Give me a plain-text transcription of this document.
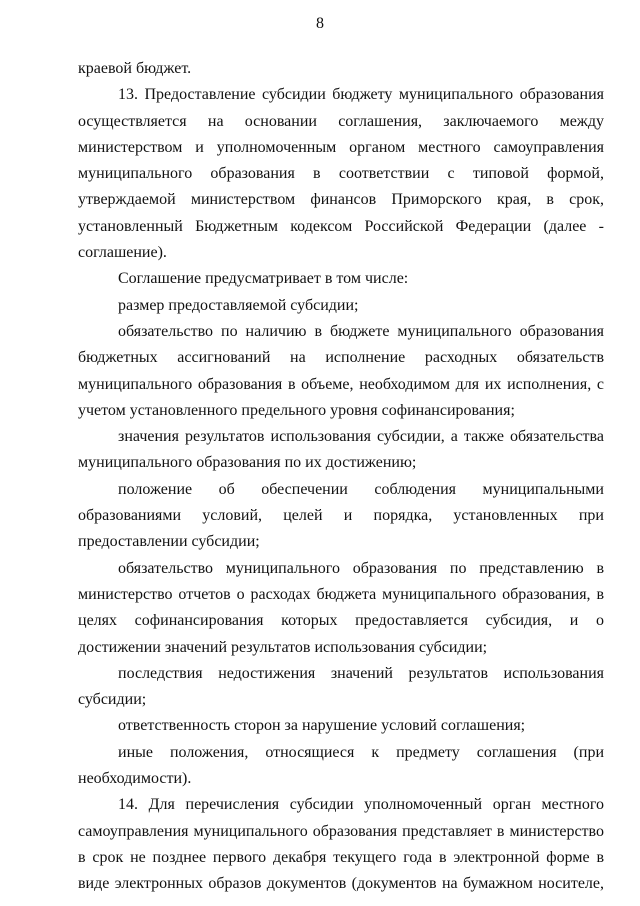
8

краевой бюджет.

13. Предоставление субсидии бюджету муниципального образования осуществляется на основании соглашения, заключаемого между министерством и уполномоченным органом местного самоуправления муниципального образования в соответствии с типовой формой, утверждаемой министерством финансов Приморского края, в срок, установленный Бюджетным кодексом Российской Федерации (далее - соглашение).

Соглашение предусматривает в том числе:

размер предоставляемой субсидии;

обязательство по наличию в бюджете муниципального образования бюджетных ассигнований на исполнение расходных обязательств муниципального образования в объеме, необходимом для их исполнения, с учетом установленного предельного уровня софинансирования;

значения результатов использования субсидии, а также обязательства муниципального образования по их достижению;

положение об обеспечении соблюдения муниципальными образованиями условий, целей и порядка, установленных при предоставлении субсидии;

обязательство муниципального образования по представлению в министерство отчетов о расходах бюджета муниципального образования, в целях софинансирования которых предоставляется субсидия, и о достижении значений результатов использования субсидии;

последствия недостижения значений результатов использования субсидии;

ответственность сторон за нарушение условий соглашения;

иные положения, относящиеся к предмету соглашения (при необходимости).

14. Для перечисления субсидии уполномоченный орган местного самоуправления муниципального образования представляет в министерство в срок не позднее первого декабря текущего года в электронной форме в виде электронных образов документов (документов на бумажном носителе,
